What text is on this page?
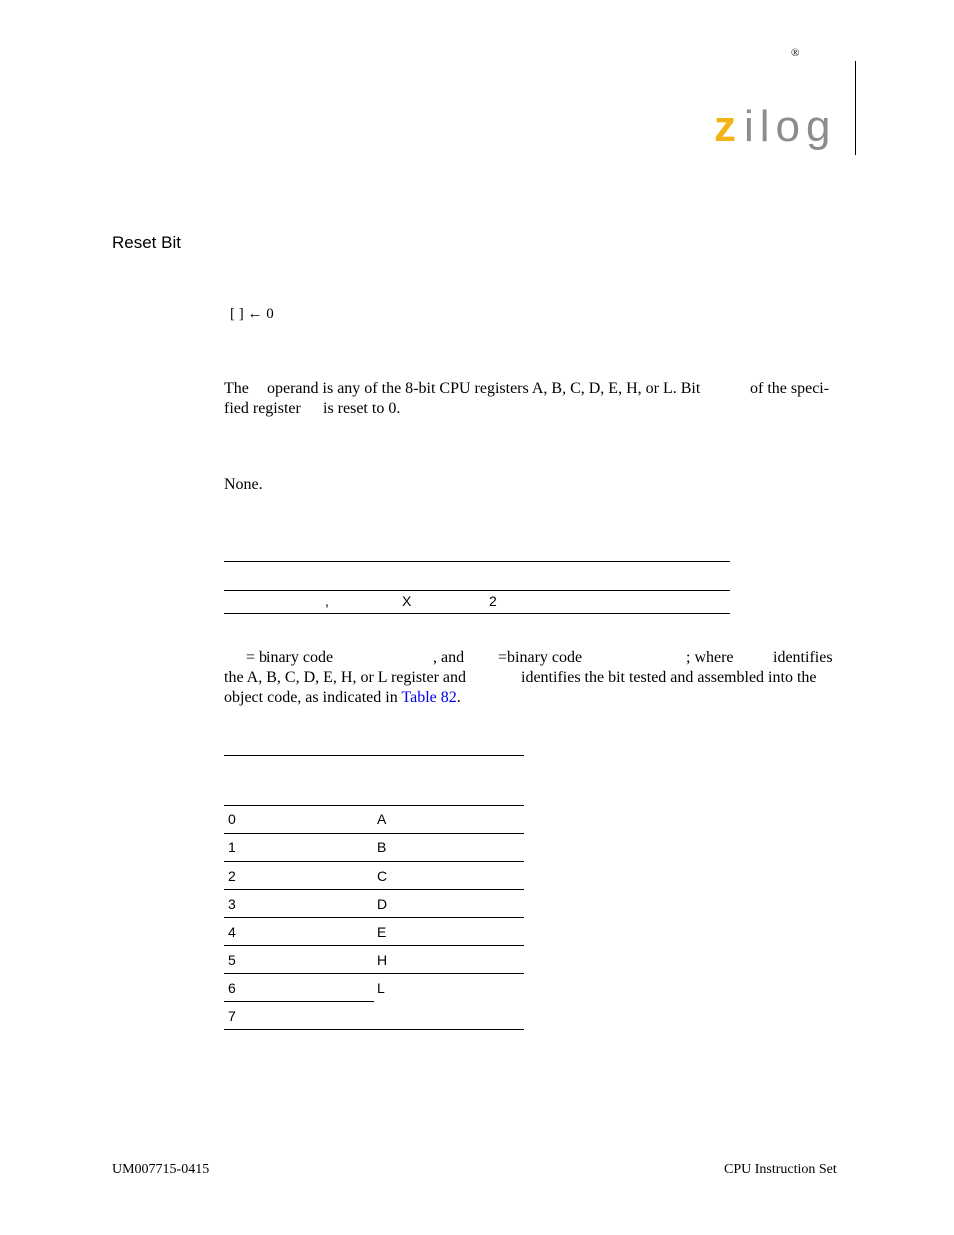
®
z ilog
Reset Bit
[ ] ← 0
The operand is any of the 8-bit CPU registers A, B, C, D, E, H, or L. Bit	of the speci-
fied register is reset to 0.
None.
,	X	2
= b
inary code	, and =binary code	; where identifies
the A, B, C, D, E, H, or L register and	identifies the bit tested and assembled into the
object code, as indicated in Table 82.
0	A
1	B
2	C
3	D
4	E
5	H
6	L
7
UM007715-0415	CPU Instruction Set
